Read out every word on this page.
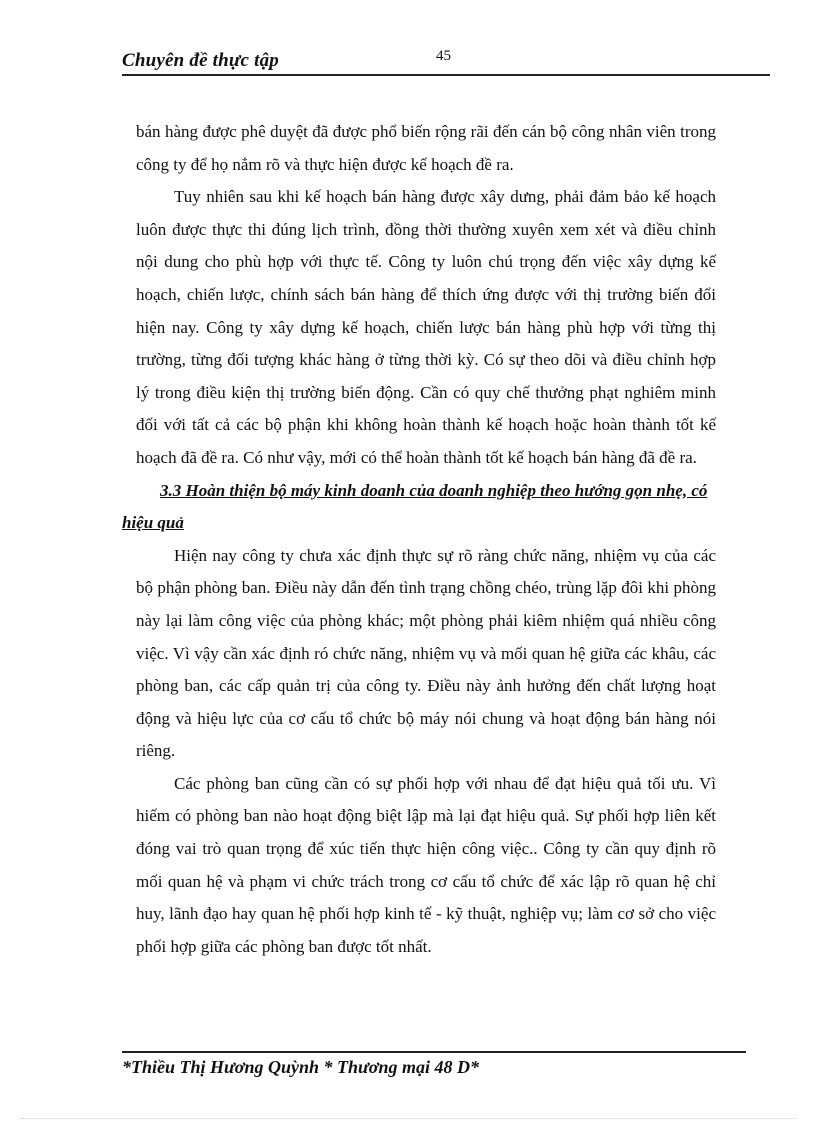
Chuyên đề thực tập	45

bán hàng được phê duyệt đã được phổ biến rộng rãi đến cán bộ công nhân viên trong công ty để họ nắm rõ và thực hiện được kế hoạch đề ra.

Tuy nhiên sau khi kế hoạch bán hàng được xây dưng, phải đảm bảo kế hoạch luôn được thực thi đúng lịch trình, đồng thời thường xuyên xem xét và điều chỉnh nội dung cho phù hợp với thực tế. Công ty luôn chú trọng đến việc xây dựng kế hoạch, chiến lược, chính sách bán hàng để thích ứng được với thị trường biến đổi hiện nay. Công ty xây dựng kế hoạch, chiến lược bán hàng phù hợp với từng thị trường, từng đối tượng khác hàng ở từng thời kỳ. Có sự theo dõi và điều chỉnh hợp lý trong điều kiện thị trường biến động. Cần có quy chế thưởng phạt nghiêm minh đối với tất cả các bộ phận khi không hoàn thành kế hoạch hoặc hoàn thành tốt kế hoạch đã đề ra. Có như vậy, mới có thể hoàn thành tốt kế hoạch bán hàng đã đề ra.

3.3 Hoàn thiện bộ máy kinh doanh của doanh nghiệp theo hướng gọn nhẹ, có hiệu quả

Hiện nay công ty chưa xác định thực sự rõ ràng chức năng, nhiệm vụ của các bộ phận phòng ban. Điều này dẫn đến tình trạng chồng chéo, trùng lặp đôi khi phòng này lại làm công việc của phòng khác; một phòng phải kiêm nhiệm quá nhiều công việc. Vì vậy cần xác định ró chức năng, nhiệm vụ và mối quan hệ giữa các khâu, các phòng ban, các cấp quản trị của công ty. Điều này ảnh hưởng đến chất lượng hoạt động và hiệu lực của cơ cấu tổ chức bộ máy nói chung và hoạt động bán hàng nói riêng.

Các phòng ban cũng cần có sự phối hợp với nhau để đạt hiệu quả tối ưu. Vì hiếm có phòng ban nào hoạt động biệt lập mà lại đạt hiệu quả. Sự phối hợp liên kết đóng vai trò quan trọng để xúc tiến thực hiện công việc.. Công ty cần quy định rõ mối quan hệ và phạm vi chức trách trong cơ cấu tổ chức để xác lập rõ quan hệ chỉ huy, lãnh đạo hay quan hệ phối hợp kinh tế - kỹ thuật, nghiệp vụ; làm cơ sở cho việc phối hợp giữa các phòng ban được tốt nhất.

*Thiều Thị Hương Quỳnh * Thương mại 48 D*
